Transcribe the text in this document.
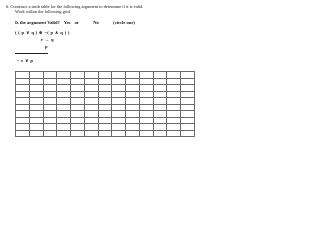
6. Construct a truth table for the following argument to determine if it is valid.
Work within the following grid.
Is the argument Valid? Yes or	No	(circle one)
( ( p ∨ q ) ⊕ ~( p ∧ q ) )
r → q
p
~ r ∨ p
